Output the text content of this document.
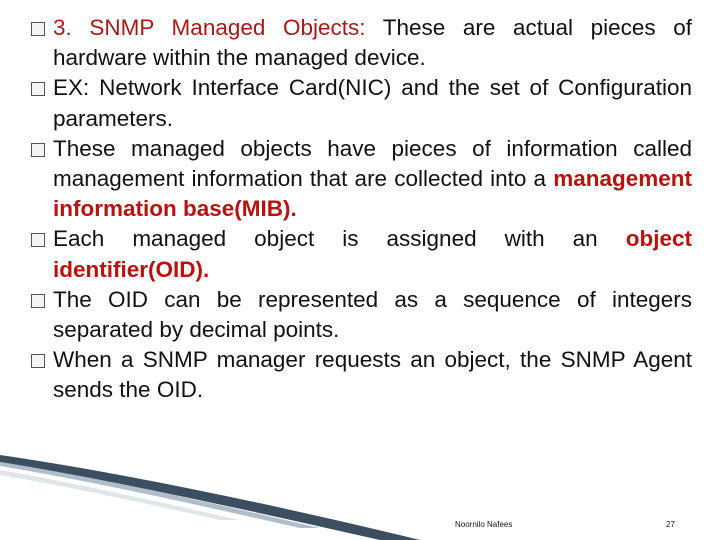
3. SNMP Managed Objects: These are actual pieces of hardware within the managed device.
EX: Network Interface Card(NIC) and the set of Configuration parameters.
These managed objects have pieces of information called management information that are collected into a management information base(MIB).
Each managed object is assigned with an object identifier(OID).
The OID can be represented as a sequence of integers separated by decimal points.
When a SNMP manager requests an object, the SNMP Agent sends the OID.
Noornilo Nafees	27
